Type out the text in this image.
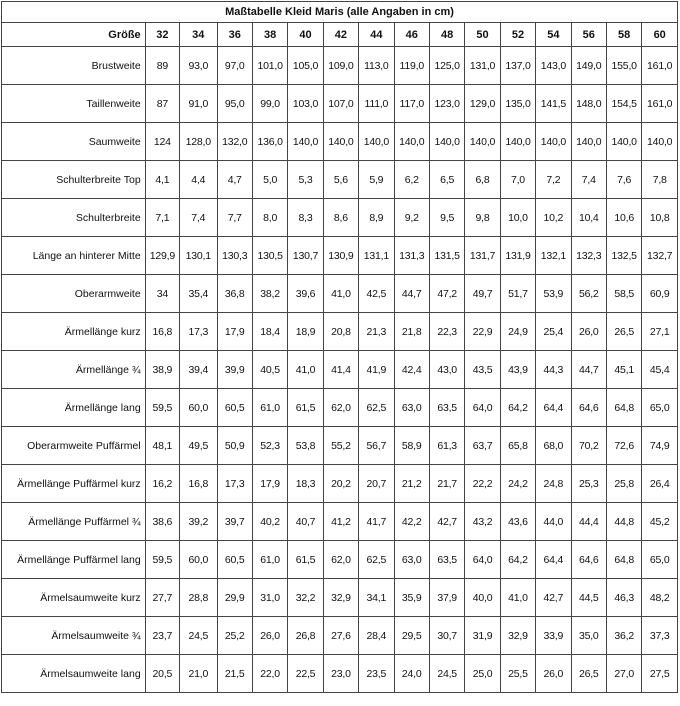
Maßtabelle Kleid Maris (alle Angaben in cm)															
Größe	32	34	36	38	40	42	44	46	48	50	52	54	56	58	60
Brustweite	89	93,0	97,0	101,0	105,0	109,0	113,0	119,0	125,0	131,0	137,0	143,0	149,0	155,0	161,0
Taillenweite	87	91,0	95,0	99,0	103,0	107,0	111,0	117,0	123,0	129,0	135,0	141,5	148,0	154,5	161,0
Saumweite	124	128,0	132,0	136,0	140,0	140,0	140,0	140,0	140,0	140,0	140,0	140,0	140,0	140,0	140,0
Schulterbreite Top	4,1	4,4	4,7	5,0	5,3	5,6	5,9	6,2	6,5	6,8	7,0	7,2	7,4	7,6	7,8
Schulterbreite	7,1	7,4	7,7	8,0	8,3	8,6	8,9	9,2	9,5	9,8	10,0	10,2	10,4	10,6	10,8
Länge an hinterer Mitte	129,9	130,1	130,3	130,5	130,7	130,9	131,1	131,3	131,5	131,7	131,9	132,1	132,3	132,5	132,7
Oberarmweite	34	35,4	36,8	38,2	39,6	41,0	42,5	44,7	47,2	49,7	51,7	53,9	56,2	58,5	60,9
Ärmellänge kurz	16,8	17,3	17,9	18,4	18,9	20,8	21,3	21,8	22,3	22,9	24,9	25,4	26,0	26,5	27,1
Ärmellänge ¾	38,9	39,4	39,9	40,5	41,0	41,4	41,9	42,4	43,0	43,5	43,9	44,3	44,7	45,1	45,4
Ärmellänge lang	59,5	60,0	60,5	61,0	61,5	62,0	62,5	63,0	63,5	64,0	64,2	64,4	64,6	64,8	65,0
Oberarmweite Puffärmel	48,1	49,5	50,9	52,3	53,8	55,2	56,7	58,9	61,3	63,7	65,8	68,0	70,2	72,6	74,9
Ärmellänge Puffärmel kurz	16,2	16,8	17,3	17,9	18,3	20,2	20,7	21,2	21,7	22,2	24,2	24,8	25,3	25,8	26,4
Ärmellänge Puffärmel ¾	38,6	39,2	39,7	40,2	40,7	41,2	41,7	42,2	42,7	43,2	43,6	44,0	44,4	44,8	45,2
Ärmellänge Puffärmel lang	59,5	60,0	60,5	61,0	61,5	62,0	62,5	63,0	63,5	64,0	64,2	64,4	64,6	64,8	65,0
Ärmelsaumweite kurz	27,7	28,8	29,9	31,0	32,2	32,9	34,1	35,9	37,9	40,0	41,0	42,7	44,5	46,3	48,2
Ärmelsaumweite ¾	23,7	24,5	25,2	26,0	26,8	27,6	28,4	29,5	30,7	31,9	32,9	33,9	35,0	36,2	37,3
Ärmelsaumweite lang	20,5	21,0	21,5	22,0	22,5	23,0	23,5	24,0	24,5	25,0	25,5	26,0	26,5	27,0	27,5
